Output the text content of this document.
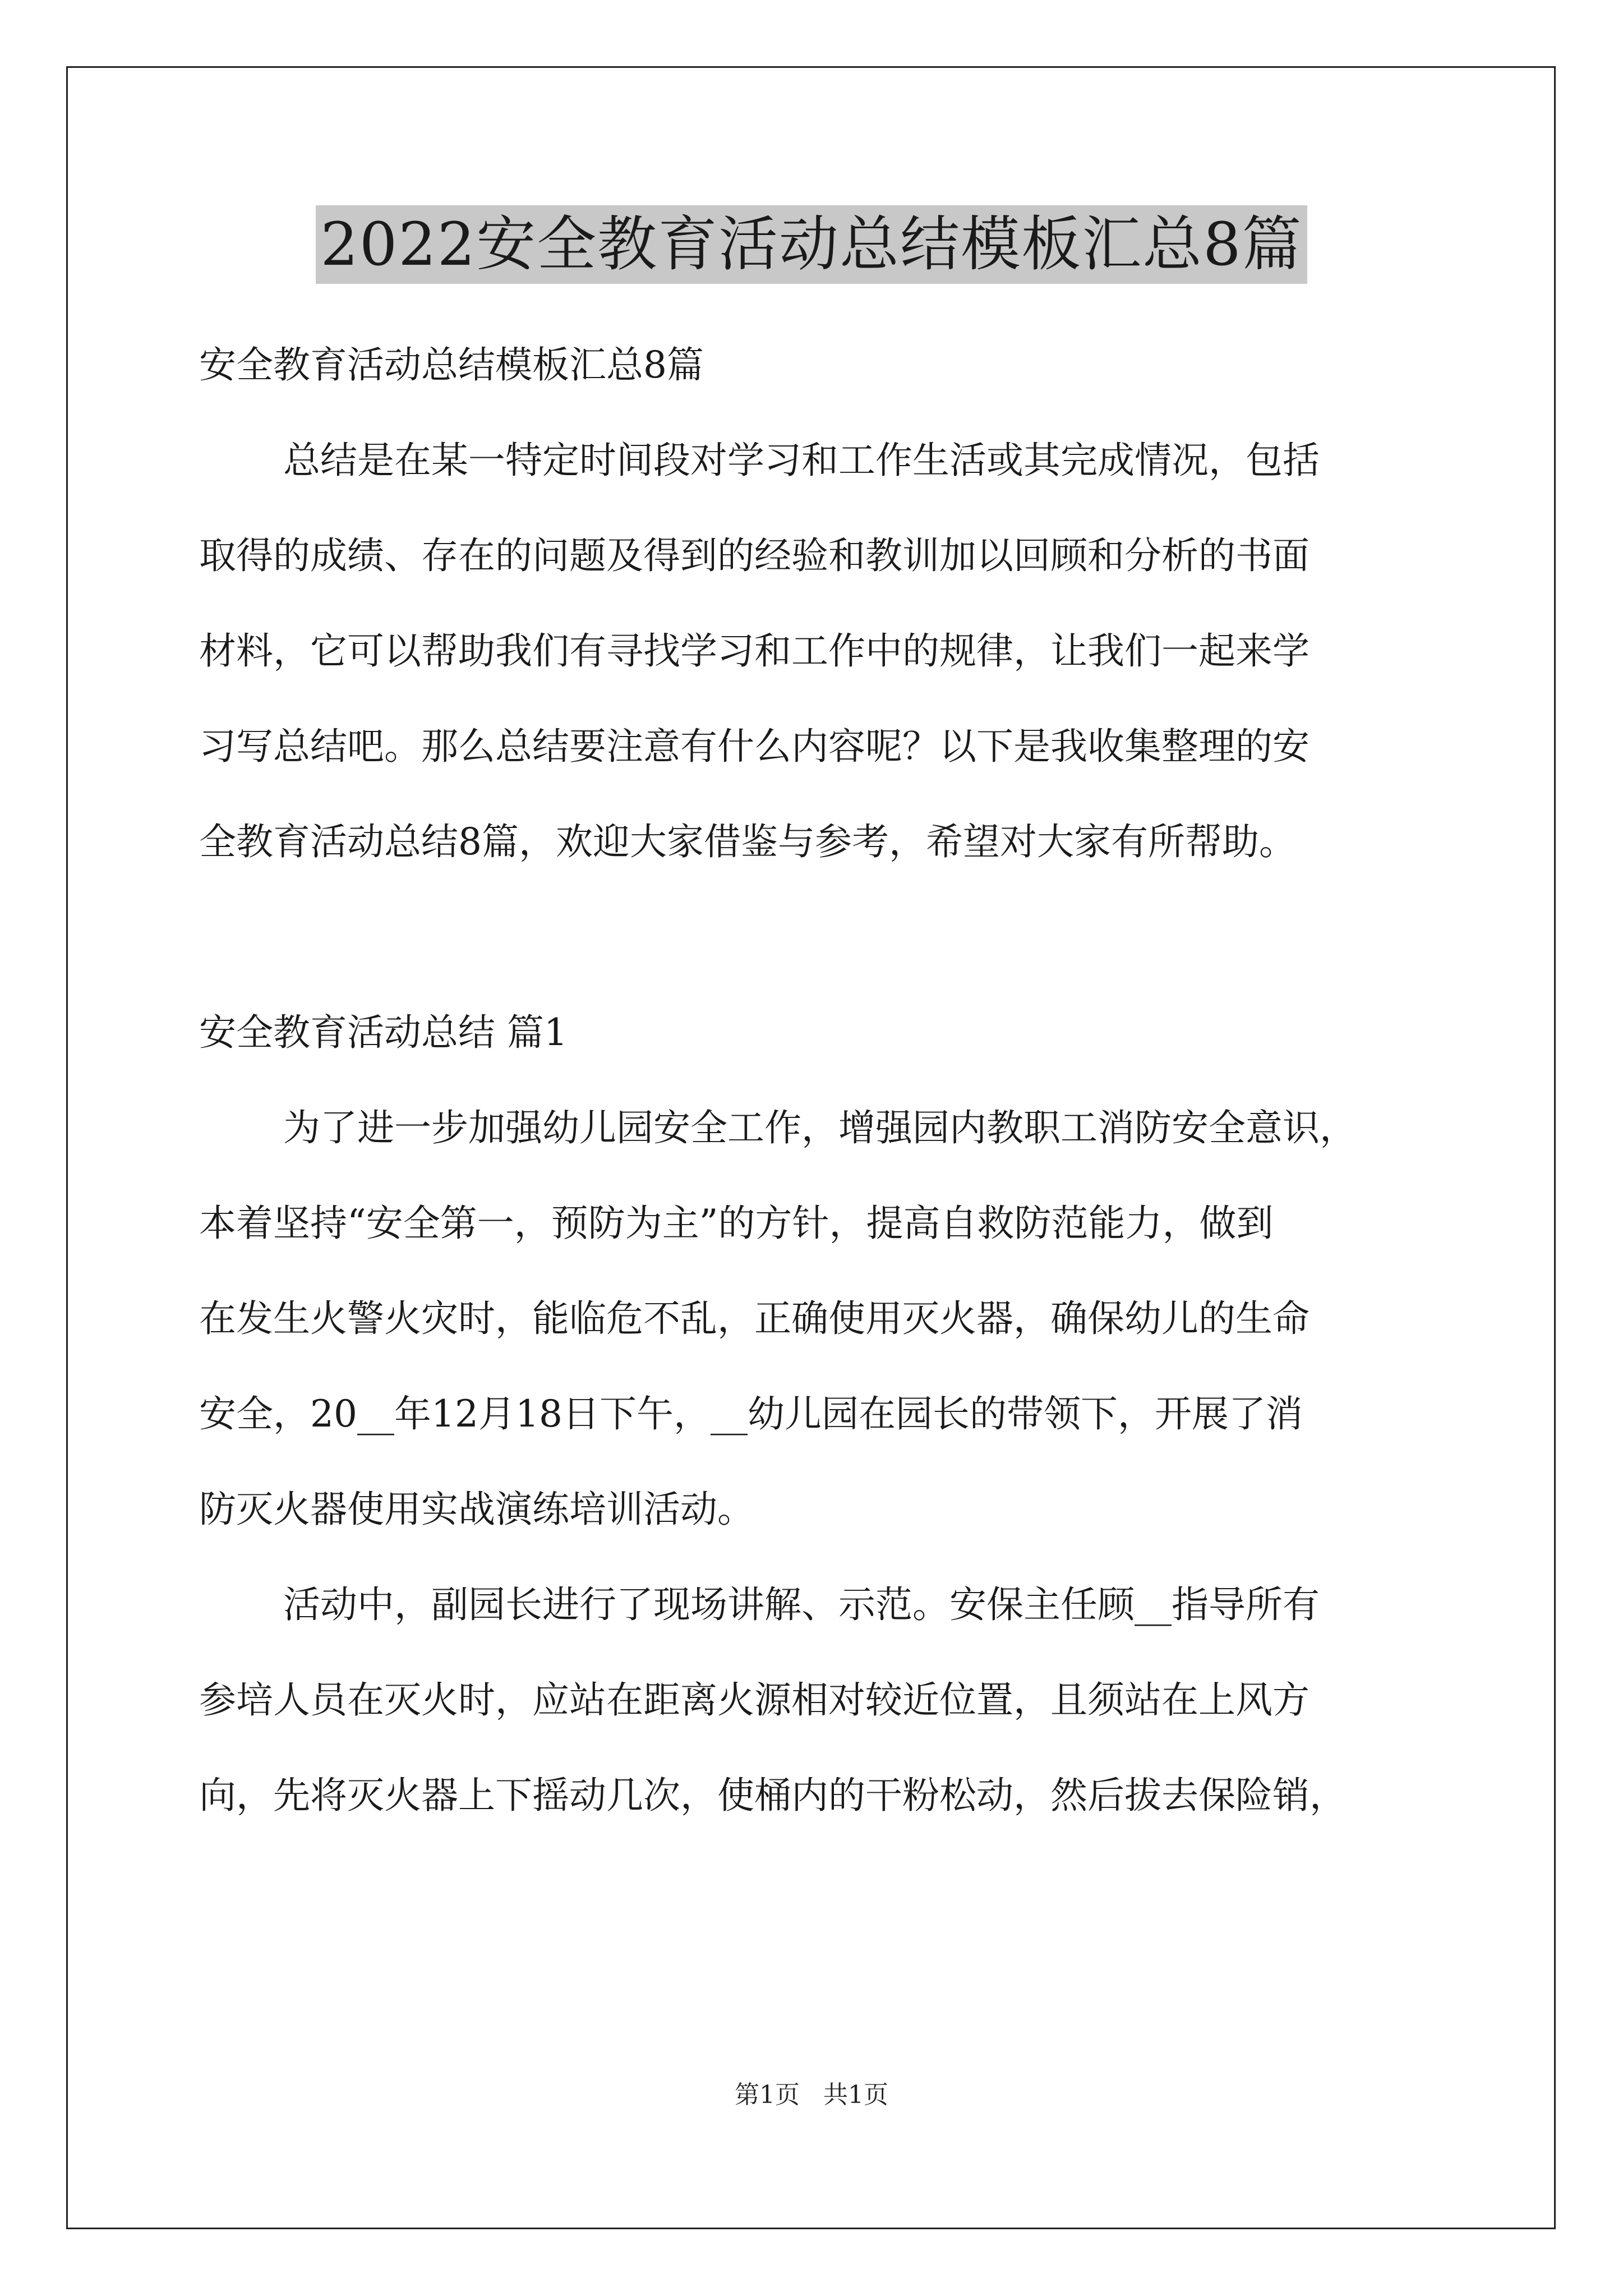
2022安全教育活动总结模板汇总8篇

安全教育活动总结模板汇总8篇

总结是在某一特定时间段对学习和工作生活或其完成情况，包括

取得的成绩、存在的问题及得到的经验和教训加以回顾和分析的书面

材料，它可以帮助我们有寻找学习和工作中的规律，让我们一起来学

习写总结吧。那么总结要注意有什么内容呢？以下是我收集整理的安

全教育活动总结8篇，欢迎大家借鉴与参考，希望对大家有所帮助。

安全教育活动总结 篇1

为了进一步加强幼儿园安全工作，增强园内教职工消防安全意识，

本着坚持“安全第一，预防为主”的方针，提高自救防范能力，做到

在发生火警火灾时，能临危不乱，正确使用灭火器，确保幼儿的生命

安全，20__年12月18日下午，__幼儿园在园长的带领下，开展了消

防灭火器使用实战演练培训活动。

活动中，副园长进行了现场讲解、示范。安保主任顾__指导所有

参培人员在灭火时，应站在距离火源相对较近位置，且须站在上风方

向，先将灭火器上下摇动几次，使桶内的干粉松动，然后拔去保险销，

第1页   共1页
